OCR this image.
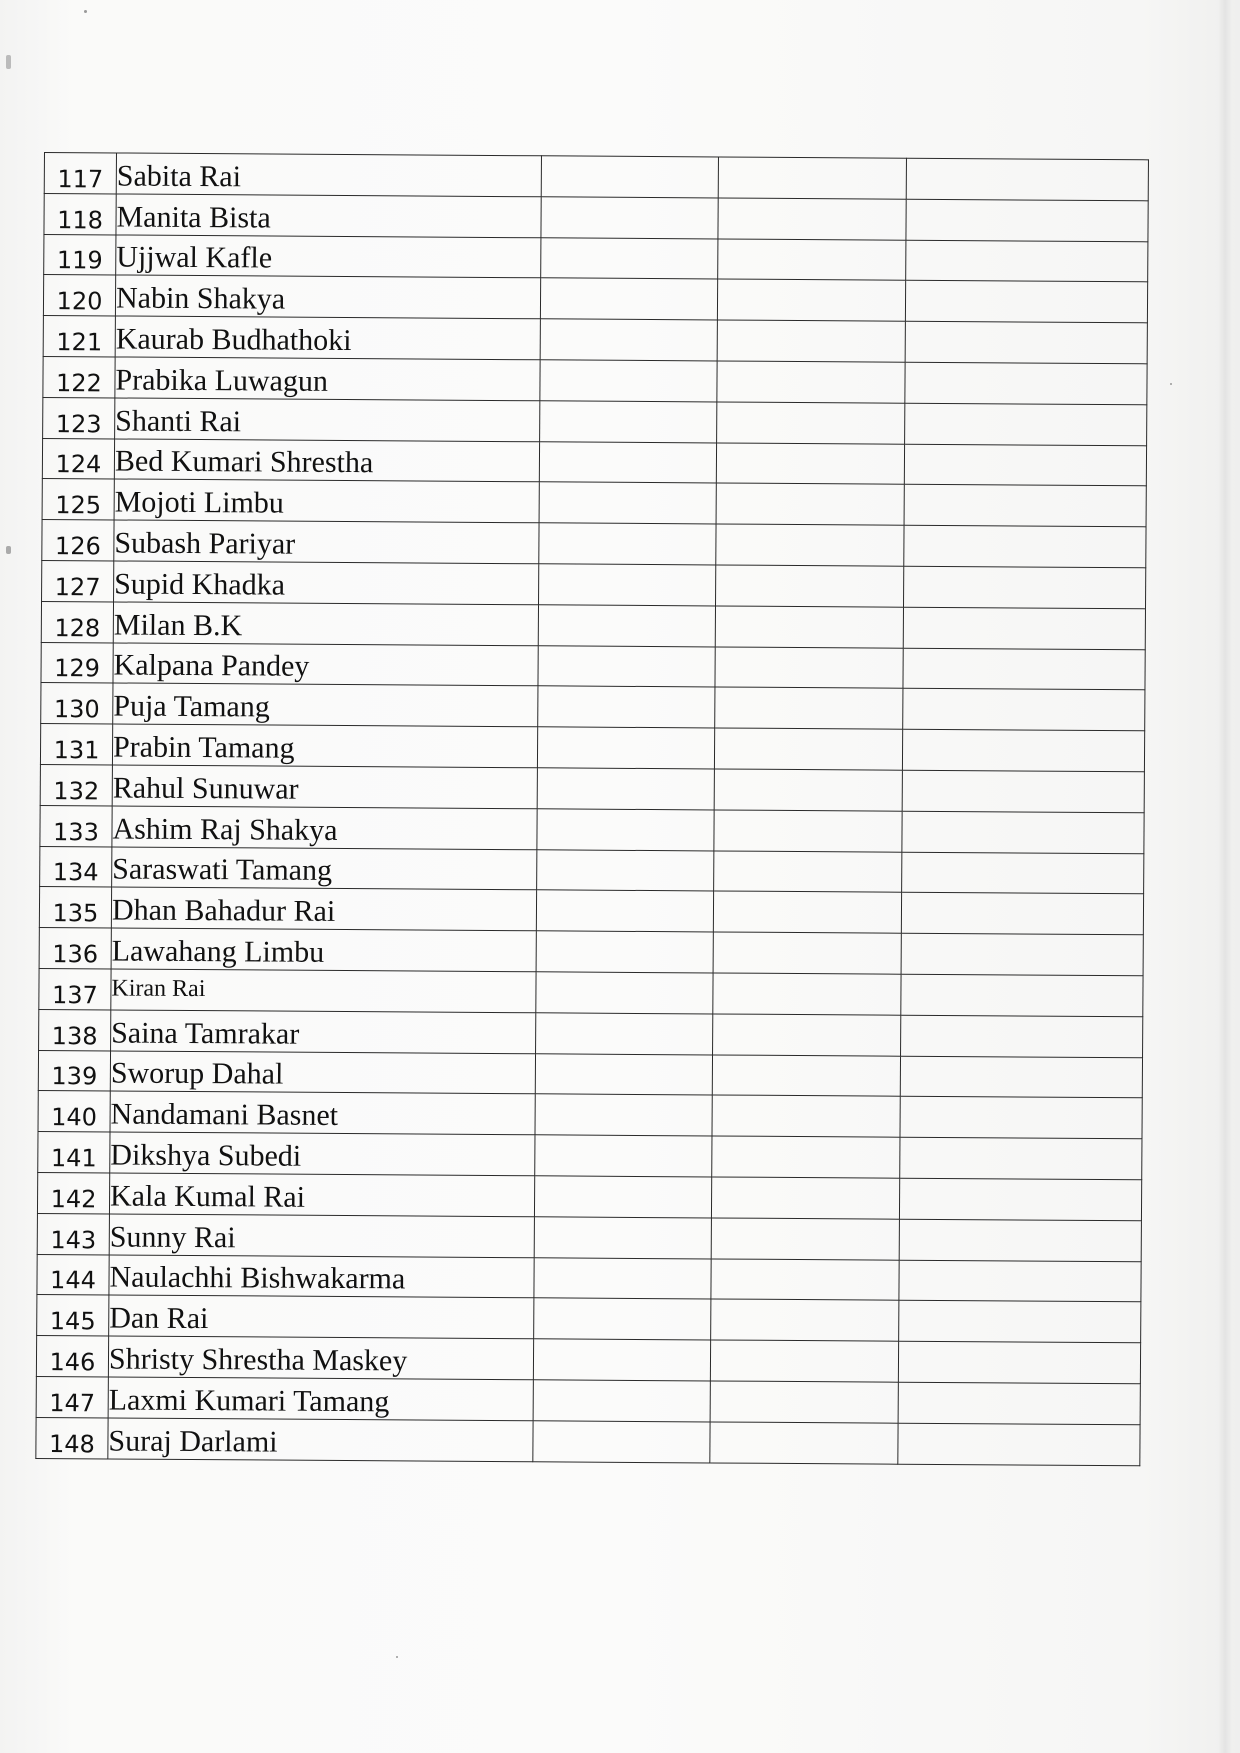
117	Sabita Rai			
118	Manita Bista			
119	Ujjwal Kafle			
120	Nabin Shakya			
121	Kaurab Budhathoki			
122	Prabika Luwagun			
123	Shanti Rai			
124	Bed Kumari Shrestha			
125	Mojoti Limbu			
126	Subash Pariyar			
127	Supid Khadka			
128	Milan B.K			
129	Kalpana Pandey			
130	Puja Tamang			
131	Prabin Tamang			
132	Rahul Sunuwar			
133	Ashim Raj Shakya			
134	Saraswati Tamang			
135	Dhan Bahadur Rai			
136	Lawahang Limbu			
137	Kiran Rai			
138	Saina Tamrakar			
139	Sworup Dahal			
140	Nandamani Basnet			
141	Dikshya Subedi			
142	Kala Kumal Rai			
143	Sunny Rai			
144	Naulachhi Bishwakarma			
145	Dan Rai			
146	Shristy Shrestha Maskey			
147	Laxmi Kumari Tamang			
148	Suraj Darlami			
